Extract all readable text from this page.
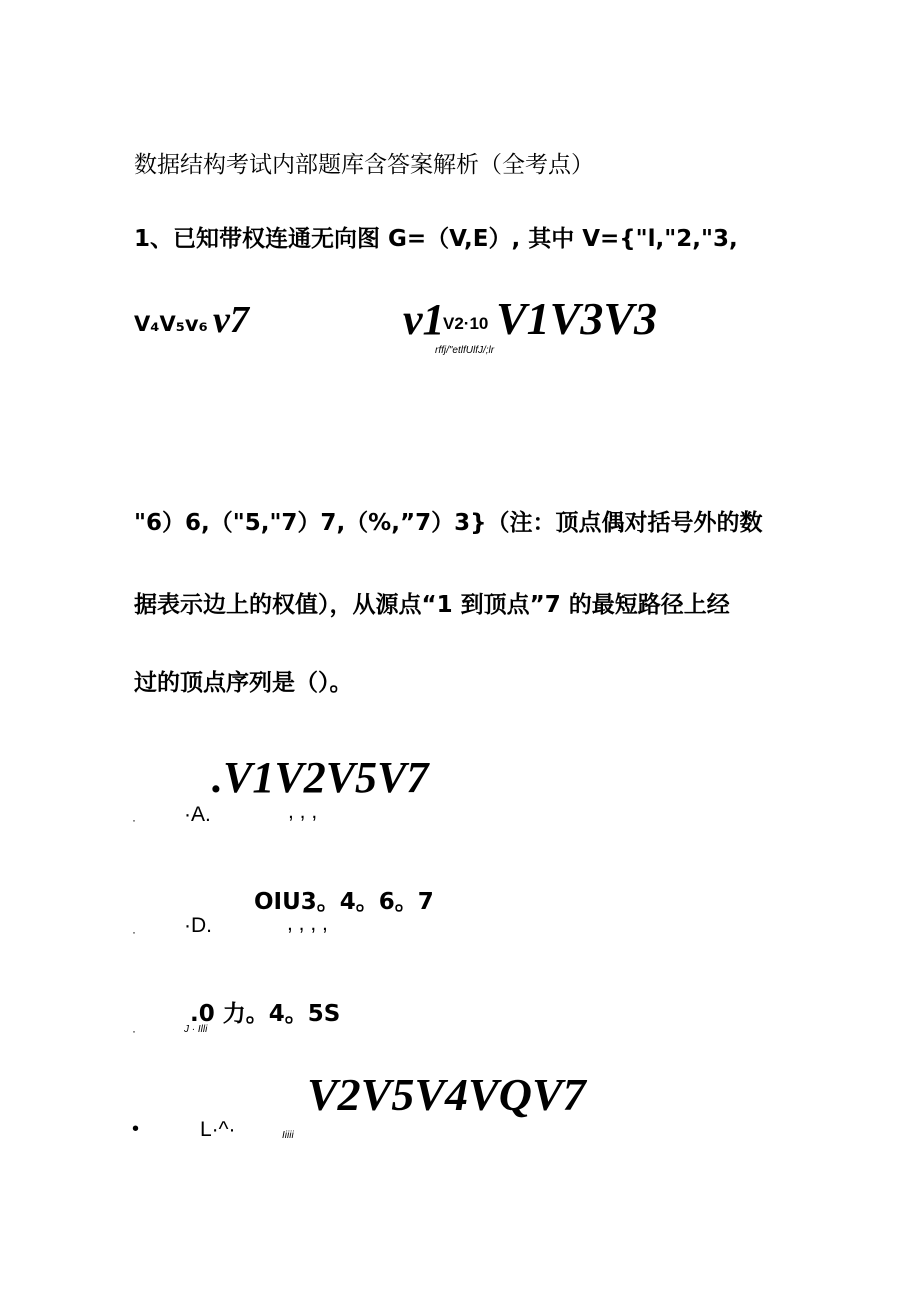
数据结构考试内部题库含答案解析（全考点）
1、已知带权连通无向图 G=（V,E）, 其中 V={"l,"2,"3,
V₄V₅v₆ v7	v1
V2·10 V1V3V3
rffj/"etlfUlfJ/;lr
"6）6,（"5,"7）7,（%,”7）3}（注：顶点偶对括号外的数
据表示边上的权值），从源点“1 到顶点”7 的最短路径上经
过的顶点序列是（）。
.V1V2V5V7
· ·A.	, , ,
OIU3。4。6。7
· ·D.	, , , ,
.0 力。4。5S
·	J · Illi
V2V5V4VQV7
•	L·^·	Iiiii
